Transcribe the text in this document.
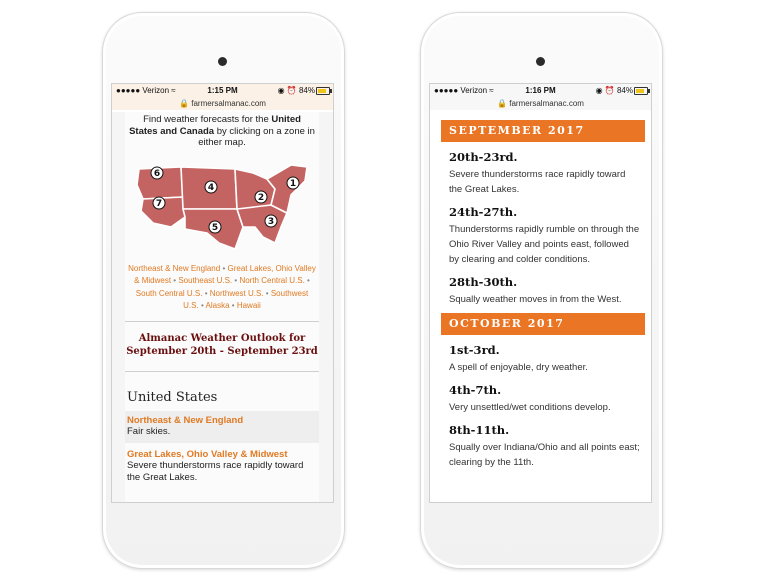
●●●●● Verizon ≈	1:15 PM	◉ ⏰ 84%
🔒 farmersalmanac.com
Find weather forecasts for the United States and Canada by clicking on a zone in either map.
1
2
3
4
5
6
7
Northeast & New England • Great Lakes, Ohio Valley & Midwest • Southeast U.S. • North Central U.S. • South Central U.S. • Northwest U.S. • Southwest U.S. • Alaska • Hawaii
Almanac Weather Outlook for September 20th - September 23rd
United States
Northeast & New England
Fair skies.
Great Lakes, Ohio Valley & Midwest
Severe thunderstorms race rapidly toward the Great Lakes.
●●●●● Verizon ≈	1:16 PM	◉ ⏰ 84%
🔒 farmersalmanac.com
SEPTEMBER 2017
20th-23rd.
Severe thunderstorms race rapidly toward the Great Lakes.
24th-27th.
Thunderstorms rapidly rumble on through the Ohio River Valley and points east, followed by clearing and colder conditions.
28th-30th.
Squally weather moves in from the West.
OCTOBER 2017
1st-3rd.
A spell of enjoyable, dry weather.
4th-7th.
Very unsettled/wet conditions develop.
8th-11th.
Squally over Indiana/Ohio and all points east; clearing by the 11th.
